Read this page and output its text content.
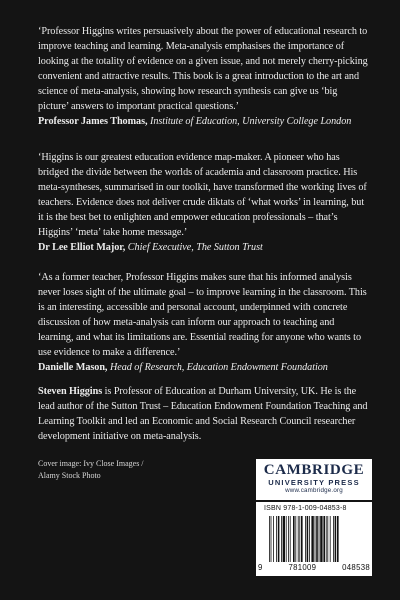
‘Professor Higgins writes persuasively about the power of educational research to improve teaching and learning. Meta-analysis emphasises the importance of looking at the totality of evidence on a given issue, and not merely cherry-picking convenient and attractive results. This book is a great introduction to the art and science of meta-analysis, showing how research synthesis can give us ‘big picture’ answers to important practical questions.’

Professor James Thomas, Institute of Education, University College London

‘Higgins is our greatest education evidence map-maker. A pioneer who has bridged the divide between the worlds of academia and classroom practice. His meta-syntheses, summarised in our toolkit, have transformed the working lives of teachers. Evidence does not deliver crude diktats of ‘what works’ in learning, but it is the best bet to enlighten and empower education professionals – that’s Higgins’ ‘meta’ take home message.’

Dr Lee Elliot Major, Chief Executive, The Sutton Trust

‘As a former teacher, Professor Higgins makes sure that his informed analysis never loses sight of the ultimate goal – to improve learning in the classroom. This is an interesting, accessible and personal account, underpinned with concrete discussion of how meta-analysis can inform our approach to teaching and learning, and what its limitations are. Essential reading for anyone who wants to use evidence to make a difference.’

Danielle Mason, Head of Research, Education Endowment Foundation

Steven Higgins is Professor of Education at Durham University, UK. He is the lead author of the Sutton Trust – Education Endowment Foundation Teaching and Learning Toolkit and led an Economic and Social Research Council researcher development initiative on meta-analysis.

Cover image: Ivy Close Images /
Alamy Stock Photo	CAMBRIDGE
UNIVERSITY PRESS
www.cambridge.org
ISBN 978-1-009-04853-8
9	781009	048538
